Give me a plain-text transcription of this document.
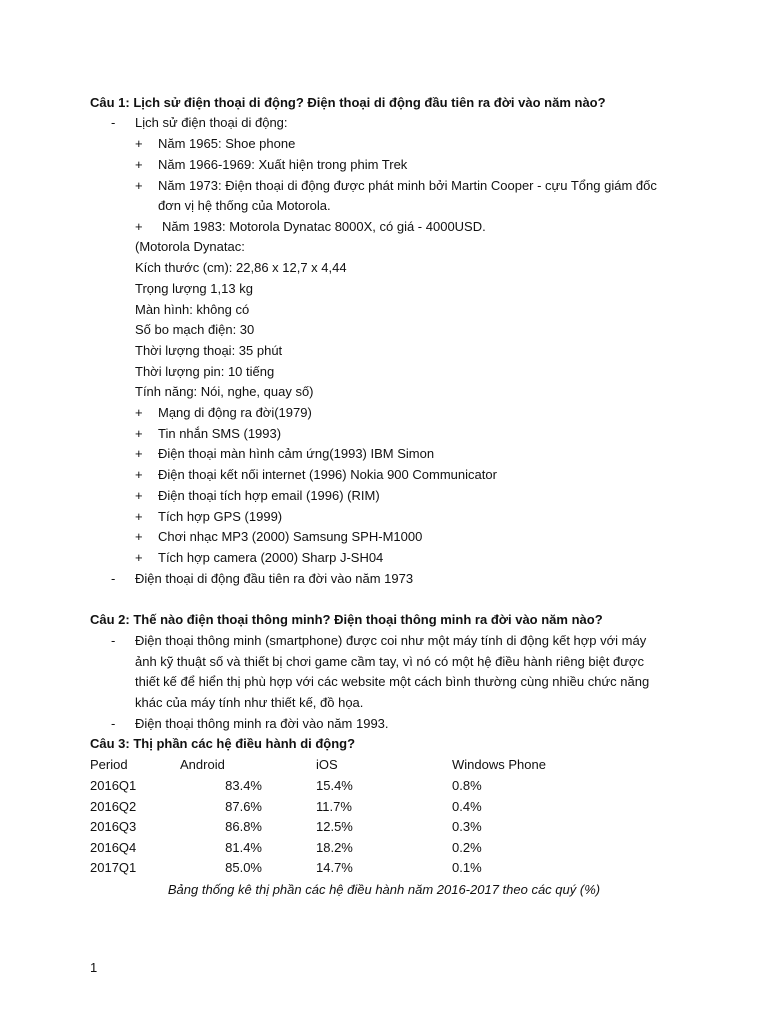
Câu 1: Lịch sử điện thoại di động? Điện thoại di động đầu tiên ra đời vào năm nào?
- Lịch sử điện thoại di động:
+ Năm 1965: Shoe phone
+ Năm 1966-1969: Xuất hiện trong phim Trek
+ Năm 1973: Điện thoại di động được phát minh bởi Martin Cooper - cựu Tổng giám đốc
đơn vị hệ thống của Motorola.
+ Năm 1983: Motorola Dynatac 8000X, có giá - 4000USD.
(Motorola Dynatac:
Kích thước (cm): 22,86 x 12,7 x 4,44
Trọng lượng 1,13 kg
Màn hình: không có
Số bo mạch điện: 30
Thời lượng thoại: 35 phút
Thời lượng pin: 10 tiếng
Tính năng: Nói, nghe, quay số)
+ Mạng di động ra đời(1979)
+ Tin nhắn SMS (1993)
+ Điện thoại màn hình cảm ứng(1993) IBM Simon
+ Điện thoại kết nối internet (1996) Nokia 900 Communicator
+ Điện thoại tích hợp email (1996) (RIM)
+ Tích hợp GPS (1999)
+ Chơi nhạc MP3 (2000) Samsung SPH-M1000
+ Tích hợp camera (2000) Sharp J-SH04
- Điện thoại di động đầu tiên ra đời vào năm 1973
Câu 2: Thế nào điện thoại thông minh? Điện thoại thông minh ra đời vào năm nào?
- Điện thoại thông minh (smartphone) được coi như một máy tính di động kết hợp với máy
ảnh kỹ thuật số và thiết bị chơi game cầm tay, vì nó có một hệ điều hành riêng biệt được
thiết kế để hiển thị phù hợp với các website một cách bình thường cùng nhiều chức năng
khác của máy tính như thiết kế, đồ họa.
- Điện thoại thông minh ra đời vào năm 1993.
Câu 3: Thị phần các hệ điều hành di động?
Period	Android	iOS	Windows Phone
2016Q1	83.4%	15.4%	0.8%
2016Q2	87.6%	11.7%	0.4%
2016Q3	86.8%	12.5%	0.3%
2016Q4	81.4%	18.2%	0.2%
2017Q1	85.0%	14.7%	0.1%
Bảng thống kê thị phần các hệ điều hành năm 2016-2017 theo các quý (%)
1
